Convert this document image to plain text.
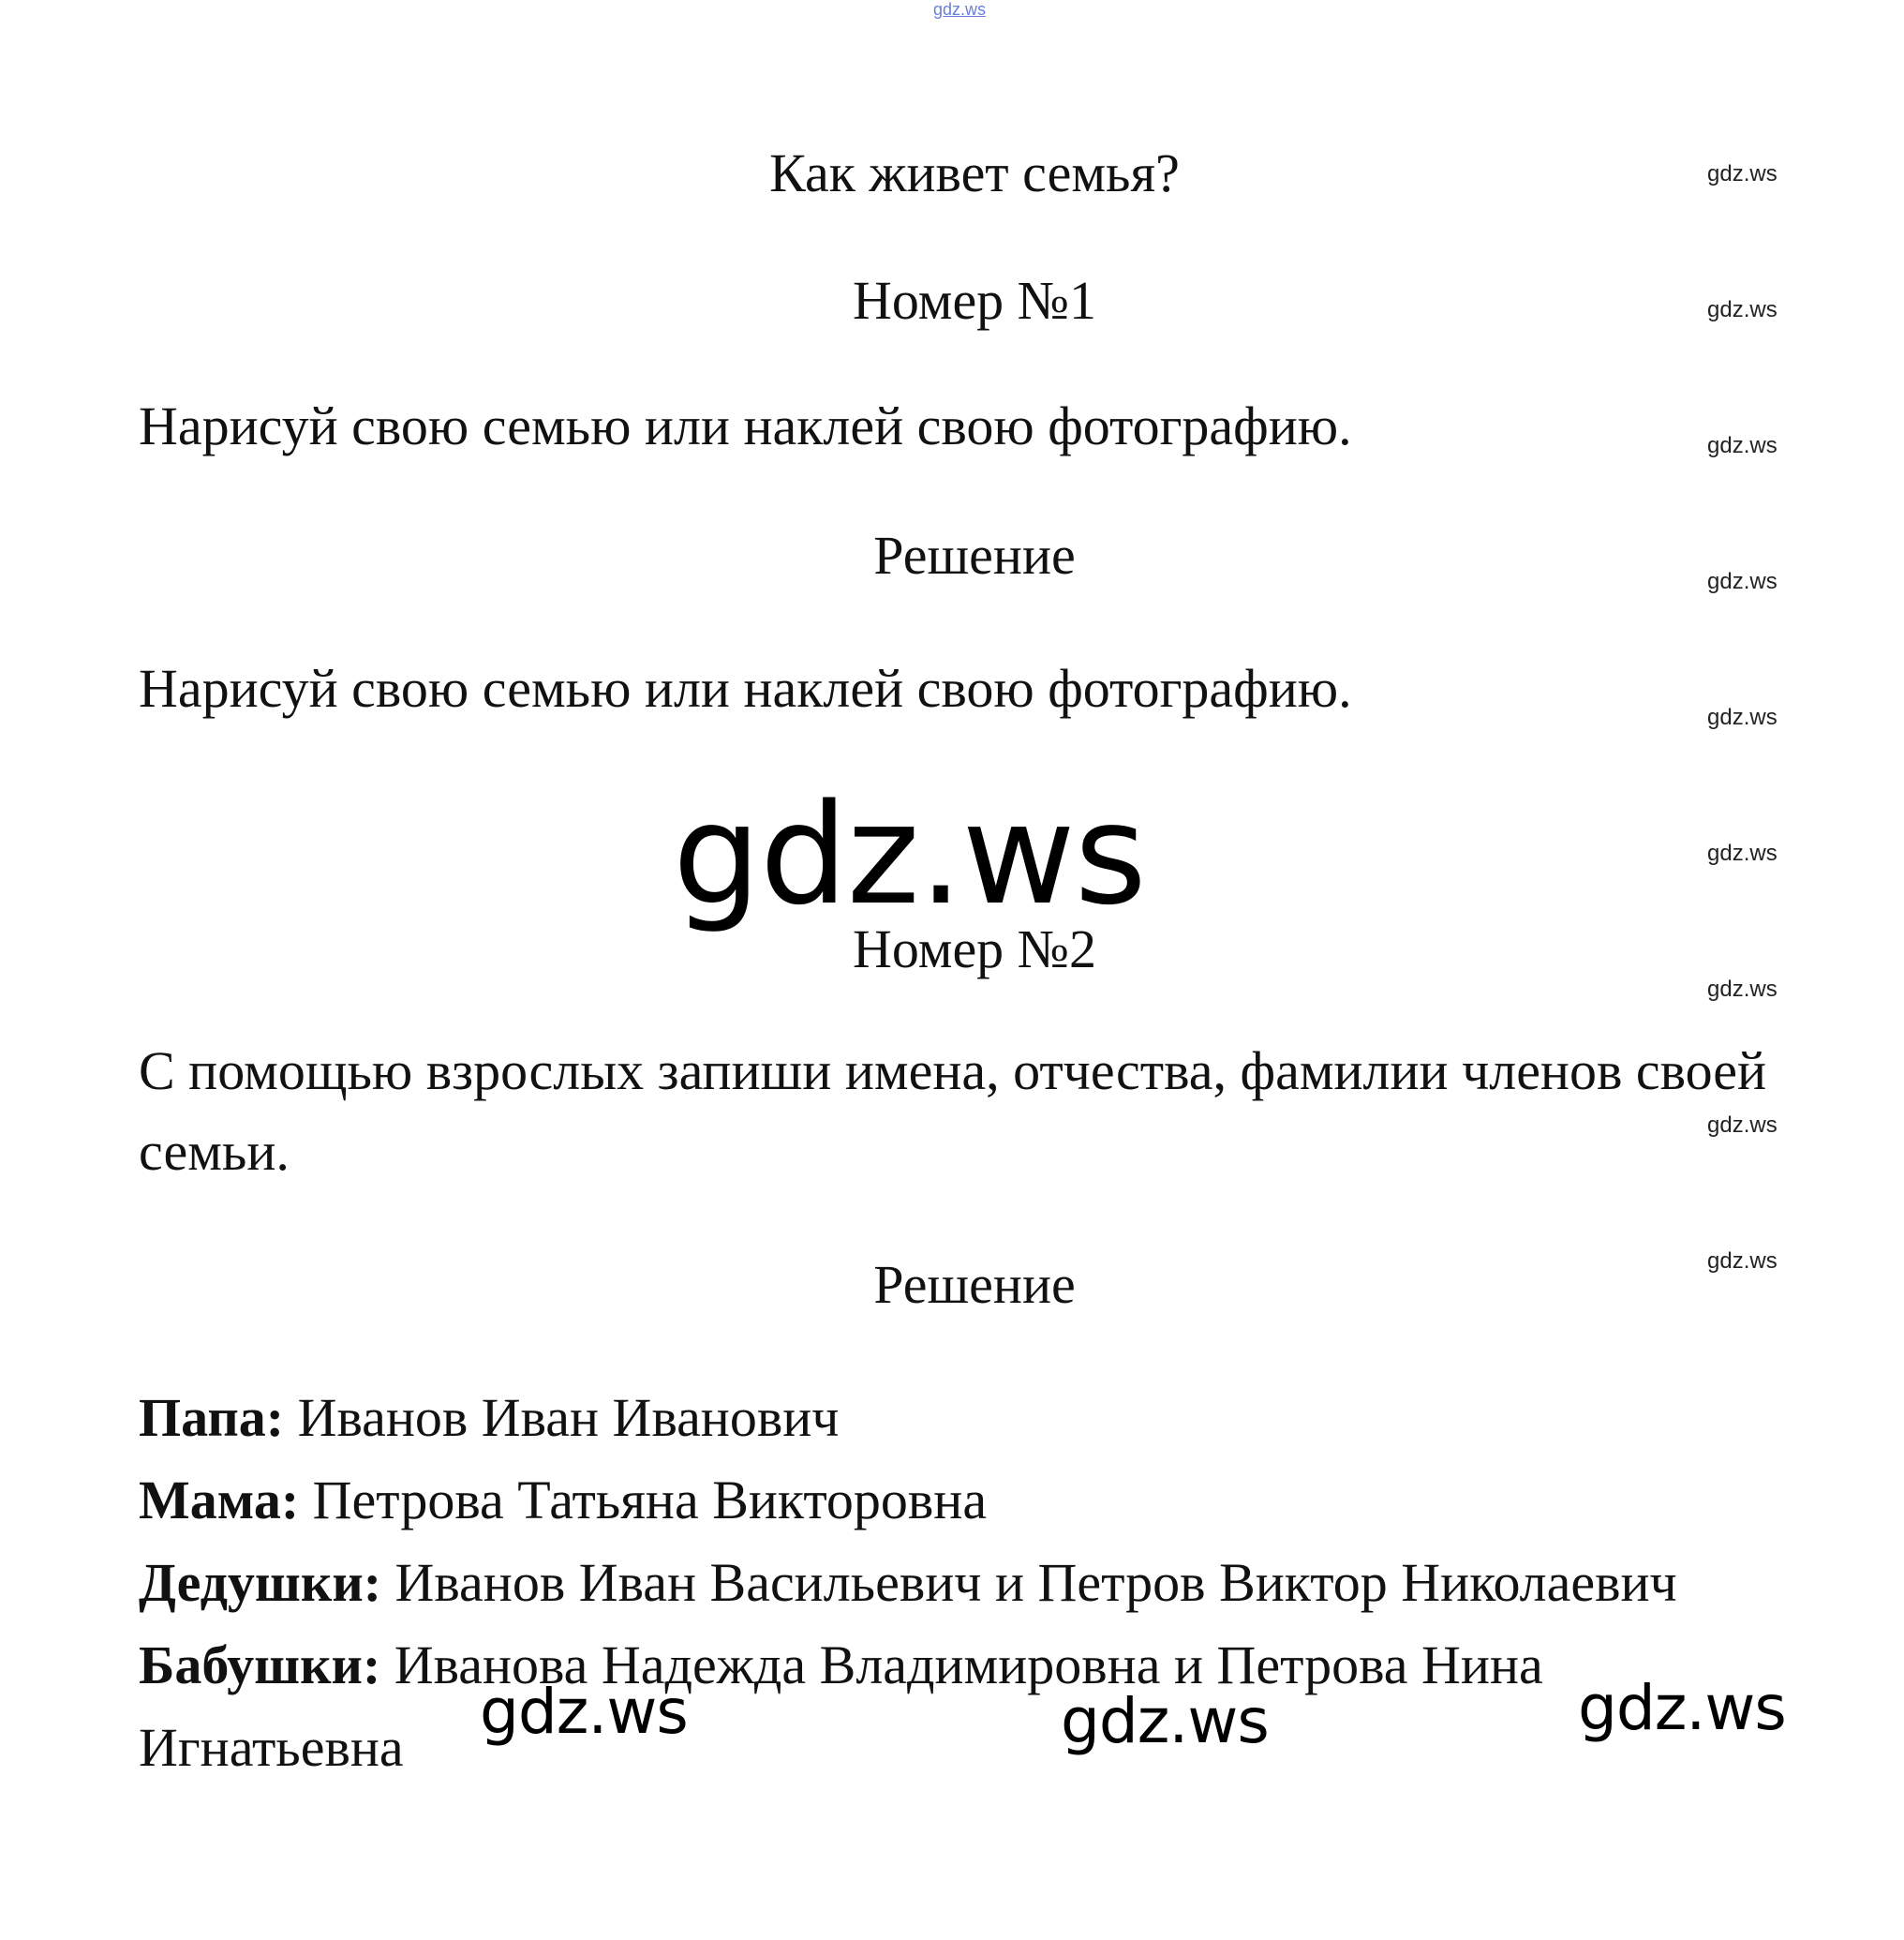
gdz.ws
Как живет семья?
Номер №1
Нарисуй свою семью или наклей свою фотографию.
Решение
Нарисуй свою семью или наклей свою фотографию.
gdz.ws
Номер №2
С помощью взрослых запиши имена, отчества, фамилии членов своей семьи.
Решение
Папа: Иванов Иван Иванович
Мама: Петрова Татьяна Викторовна
Дедушки: Иванов Иван Васильевич и Петров Виктор Николаевич
Бабушки: Иванова Надежда Владимировна и Петрова Нина
Игнатьевна gdz.ws	gdz.ws	gdz.ws
gdz.ws
gdz.ws
gdz.ws
gdz.ws
gdz.ws
gdz.ws
gdz.ws
gdz.ws
gdz.ws
